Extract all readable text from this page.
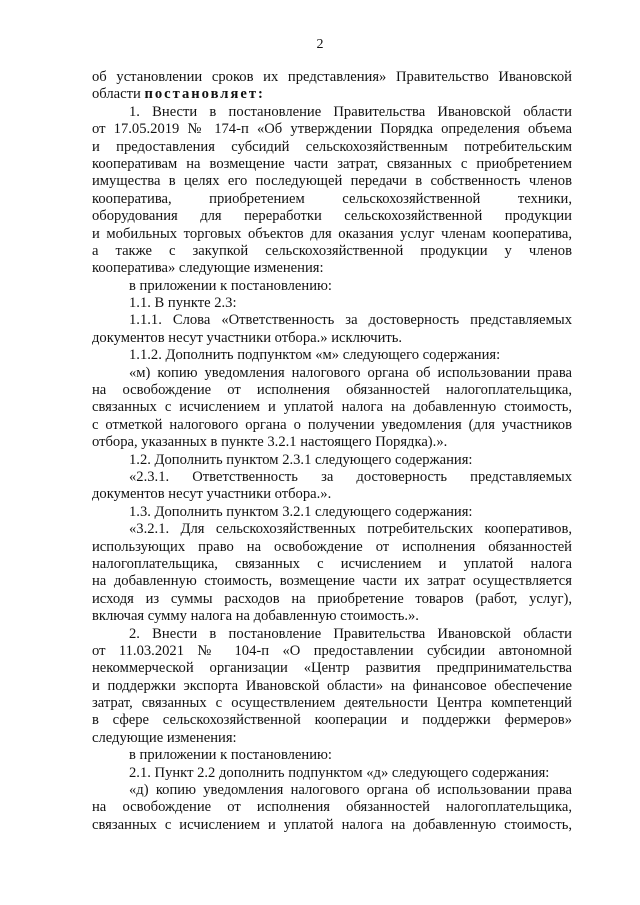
2
об установлении сроков их представления» Правительство Ивановской
области постановляет:
1. Внести в постановление Правительства Ивановской области
от 17.05.2019 № 174-п «Об утверждении Порядка определения объема
и предоставления субсидий сельскохозяйственным потребительским
кооперативам на возмещение части затрат, связанных с приобретением
имущества в целях его последующей передачи в собственность членов
кооператива, приобретением сельскохозяйственной техники,
оборудования для переработки сельскохозяйственной продукции
и мобильных торговых объектов для оказания услуг членам кооператива,
а также с закупкой сельскохозяйственной продукции у членов
кооператива» следующие изменения:
в приложении к постановлению:
1.1. В пункте 2.3:
1.1.1. Слова «Ответственность за достоверность представляемых
документов несут участники отбора.» исключить.
1.1.2. Дополнить подпунктом «м» следующего содержания:
«м) копию уведомления налогового органа об использовании права
на освобождение от исполнения обязанностей налогоплательщика,
связанных с исчислением и уплатой налога на добавленную стоимость,
с отметкой налогового органа о получении уведомления (для участников
отбора, указанных в пункте 3.2.1 настоящего Порядка).».
1.2. Дополнить пунктом 2.3.1 следующего содержания:
«2.3.1. Ответственность за достоверность представляемых
документов несут участники отбора.».
1.3. Дополнить пунктом 3.2.1 следующего содержания:
«3.2.1. Для сельскохозяйственных потребительских кооперативов,
использующих право на освобождение от исполнения обязанностей
налогоплательщика, связанных с исчислением и уплатой налога
на добавленную стоимость, возмещение части их затрат осуществляется
исходя из суммы расходов на приобретение товаров (работ, услуг),
включая сумму налога на добавленную стоимость.».
2. Внести в постановление Правительства Ивановской области
от 11.03.2021 № 104-п «О предоставлении субсидии автономной
некоммерческой организации «Центр развития предпринимательства
и поддержки экспорта Ивановской области» на финансовое обеспечение
затрат, связанных с осуществлением деятельности Центра компетенций
в сфере сельскохозяйственной кооперации и поддержки фермеров»
следующие изменения:
в приложении к постановлению:
2.1. Пункт 2.2 дополнить подпунктом «д» следующего содержания:
«д) копию уведомления налогового органа об использовании права
на освобождение от исполнения обязанностей налогоплательщика,
связанных с исчислением и уплатой налога на добавленную стоимость,
